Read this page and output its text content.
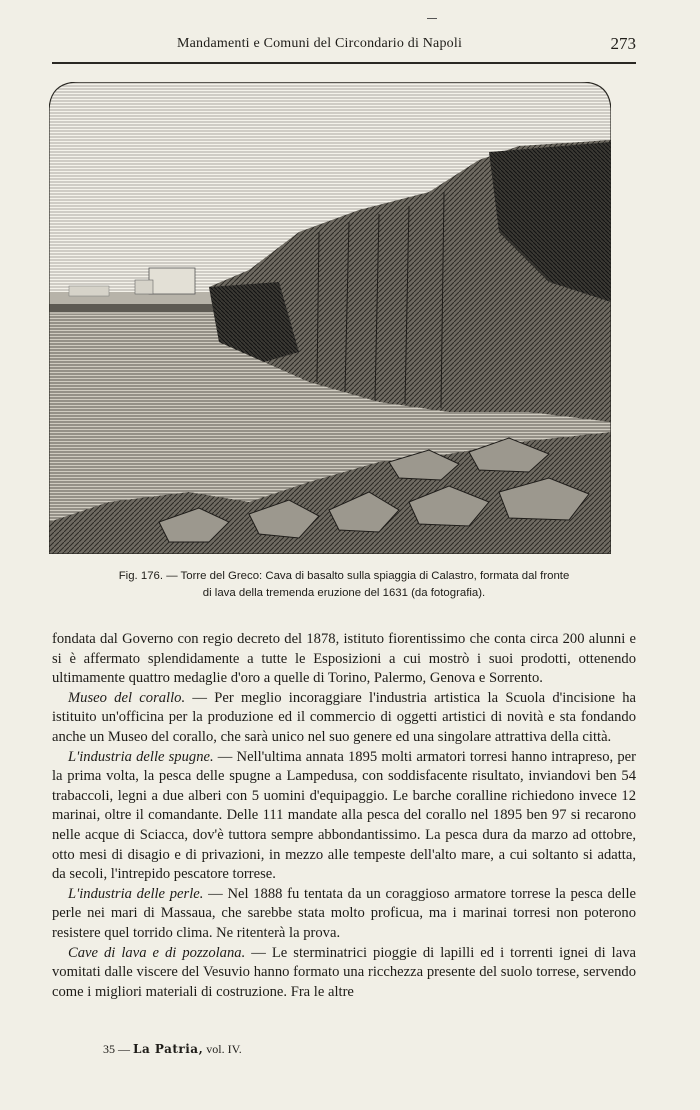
Mandamenti e Comuni del Circondario di Napoli	273
Fig. 176. — Torre del Greco: Cava di basalto sulla spiaggia di Calastro, formata dal fronte
di lava della tremenda eruzione del 1631 (da fotografia).

fondata dal Governo con regio decreto del 1878, istituto fiorentissimo che conta circa 200 alunni e si è affermato splendidamente a tutte le Esposizioni a cui mostrò i suoi prodotti, ottenendo ultimamente quattro medaglie d'oro a quelle di Torino, Palermo, Genova e Sorrento.

Museo del corallo. — Per meglio incoraggiare l'industria artistica la Scuola d'incisione ha istituito un'officina per la produzione ed il commercio di oggetti artistici di novità e sta fondando anche un Museo del corallo, che sarà unico nel suo genere ed una singolare attrattiva della città.

L'industria delle spugne. — Nell'ultima annata 1895 molti armatori torresi hanno intrapreso, per la prima volta, la pesca delle spugne a Lampedusa, con soddisfacente risultato, inviandovi ben 54 trabaccoli, legni a due alberi con 5 uomini d'equipaggio. Le barche coralline richiedono invece 12 marinai, oltre il comandante. Delle 111 mandate alla pesca del corallo nel 1895 ben 97 si recarono nelle acque di Sciacca, dov'è tuttora sempre abbondantissimo. La pesca dura da marzo ad ottobre, otto mesi di disagio e di privazioni, in mezzo alle tempeste dell'alto mare, a cui soltanto si adatta, da secoli, l'intrepido pescatore torrese.

L'industria delle perle. — Nel 1888 fu tentata da un coraggioso armatore torrese la pesca delle perle nei mari di Massaua, che sarebbe stata molto proficua, ma i marinai torresi non poterono resistere quel torrido clima. Ne ritenterà la prova.

Cave di lava e di pozzolana. — Le sterminatrici pioggie di lapilli ed i torrenti ignei di lava vomitati dalle viscere del Vesuvio hanno formato una ricchezza presente del suolo torrese, servendo come i migliori materiali di costruzione. Fra le altre

35 — La Patria, vol. IV.
